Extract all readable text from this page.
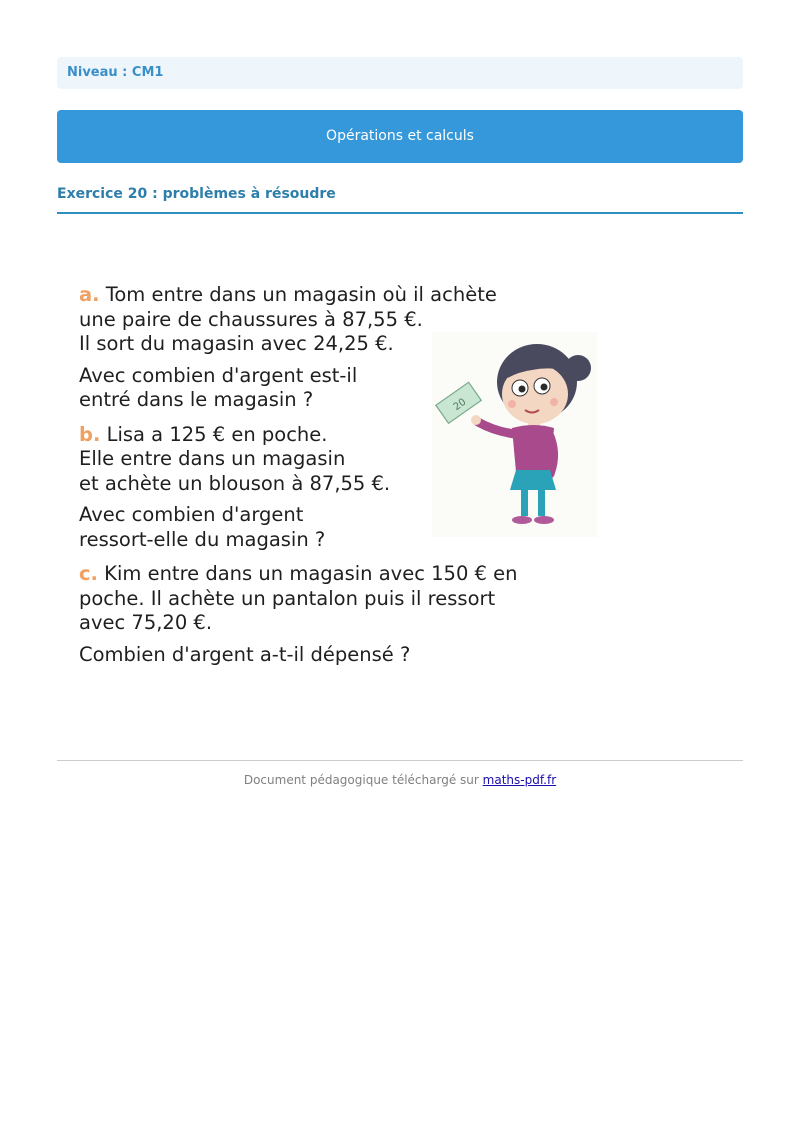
Niveau : CM1
Opérations et calculs
Exercice 20 : problèmes à résoudre

a. Tom entre dans un magasin où il achète

une paire de chaussures à 87,55 €.

Il sort du magasin avec 24,25 €.

Avec combien d'argent est-il

entré dans le magasin ?

b. Lisa a 125 € en poche.

Elle entre dans un magasin

et achète un blouson à 87,55 €.

Avec combien d'argent

ressort-elle du magasin ?

c. Kim entre dans un magasin avec 150 € en

poche. Il achète un pantalon puis il ressort

avec 75,20 €.

Combien d'argent a-t-il dépensé ?

20
Document pédagogique téléchargé sur maths-pdf.fr
